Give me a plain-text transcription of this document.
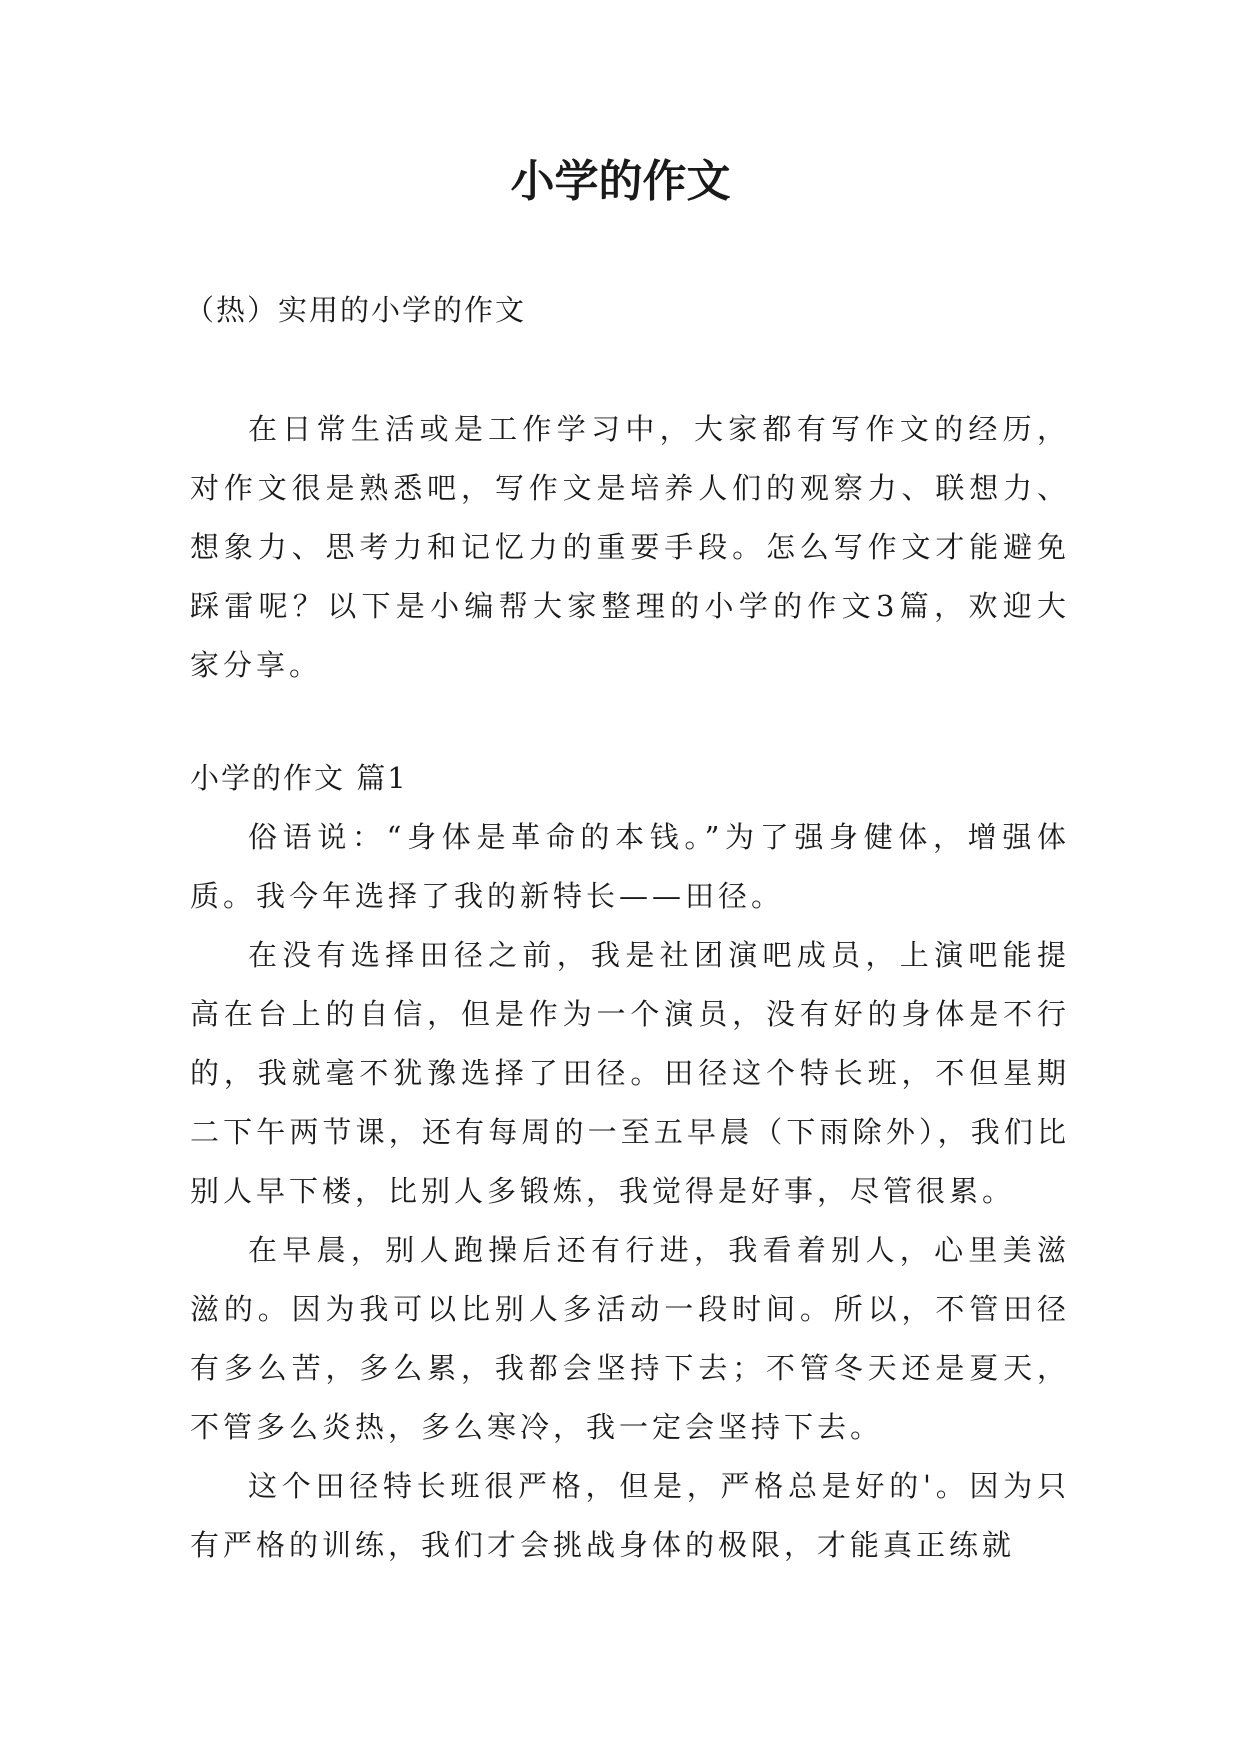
小学的作文
（热）实用的小学的作文

在日常生活或是工作学习中，大家都有写作文的经历，对作文很是熟悉吧，写作文是培养人们的观察力、联想力、想象力、思考力和记忆力的重要手段。怎么写作文才能避免踩雷呢？以下是小编帮大家整理的小学的作文3篇，欢迎大家分享。

小学的作文 篇1

俗语说：“身体是革命的本钱。”为了强身健体，增强体质。我今年选择了我的新特长——田径。

在没有选择田径之前，我是社团演吧成员，上演吧能提高在台上的自信，但是作为一个演员，没有好的身体是不行的，我就毫不犹豫选择了田径。田径这个特长班，不但星期二下午两节课，还有每周的一至五早晨（下雨除外），我们比别人早下楼，比别人多锻炼，我觉得是好事，尽管很累。

在早晨，别人跑操后还有行进，我看着别人，心里美滋滋的。因为我可以比别人多活动一段时间。所以，不管田径有多么苦，多么累，我都会坚持下去；不管冬天还是夏天，不管多么炎热，多么寒冷，我一定会坚持下去。

这个田径特长班很严格，但是，严格总是好的'。因为只有严格的训练，我们才会挑战身体的极限，才能真正练就
